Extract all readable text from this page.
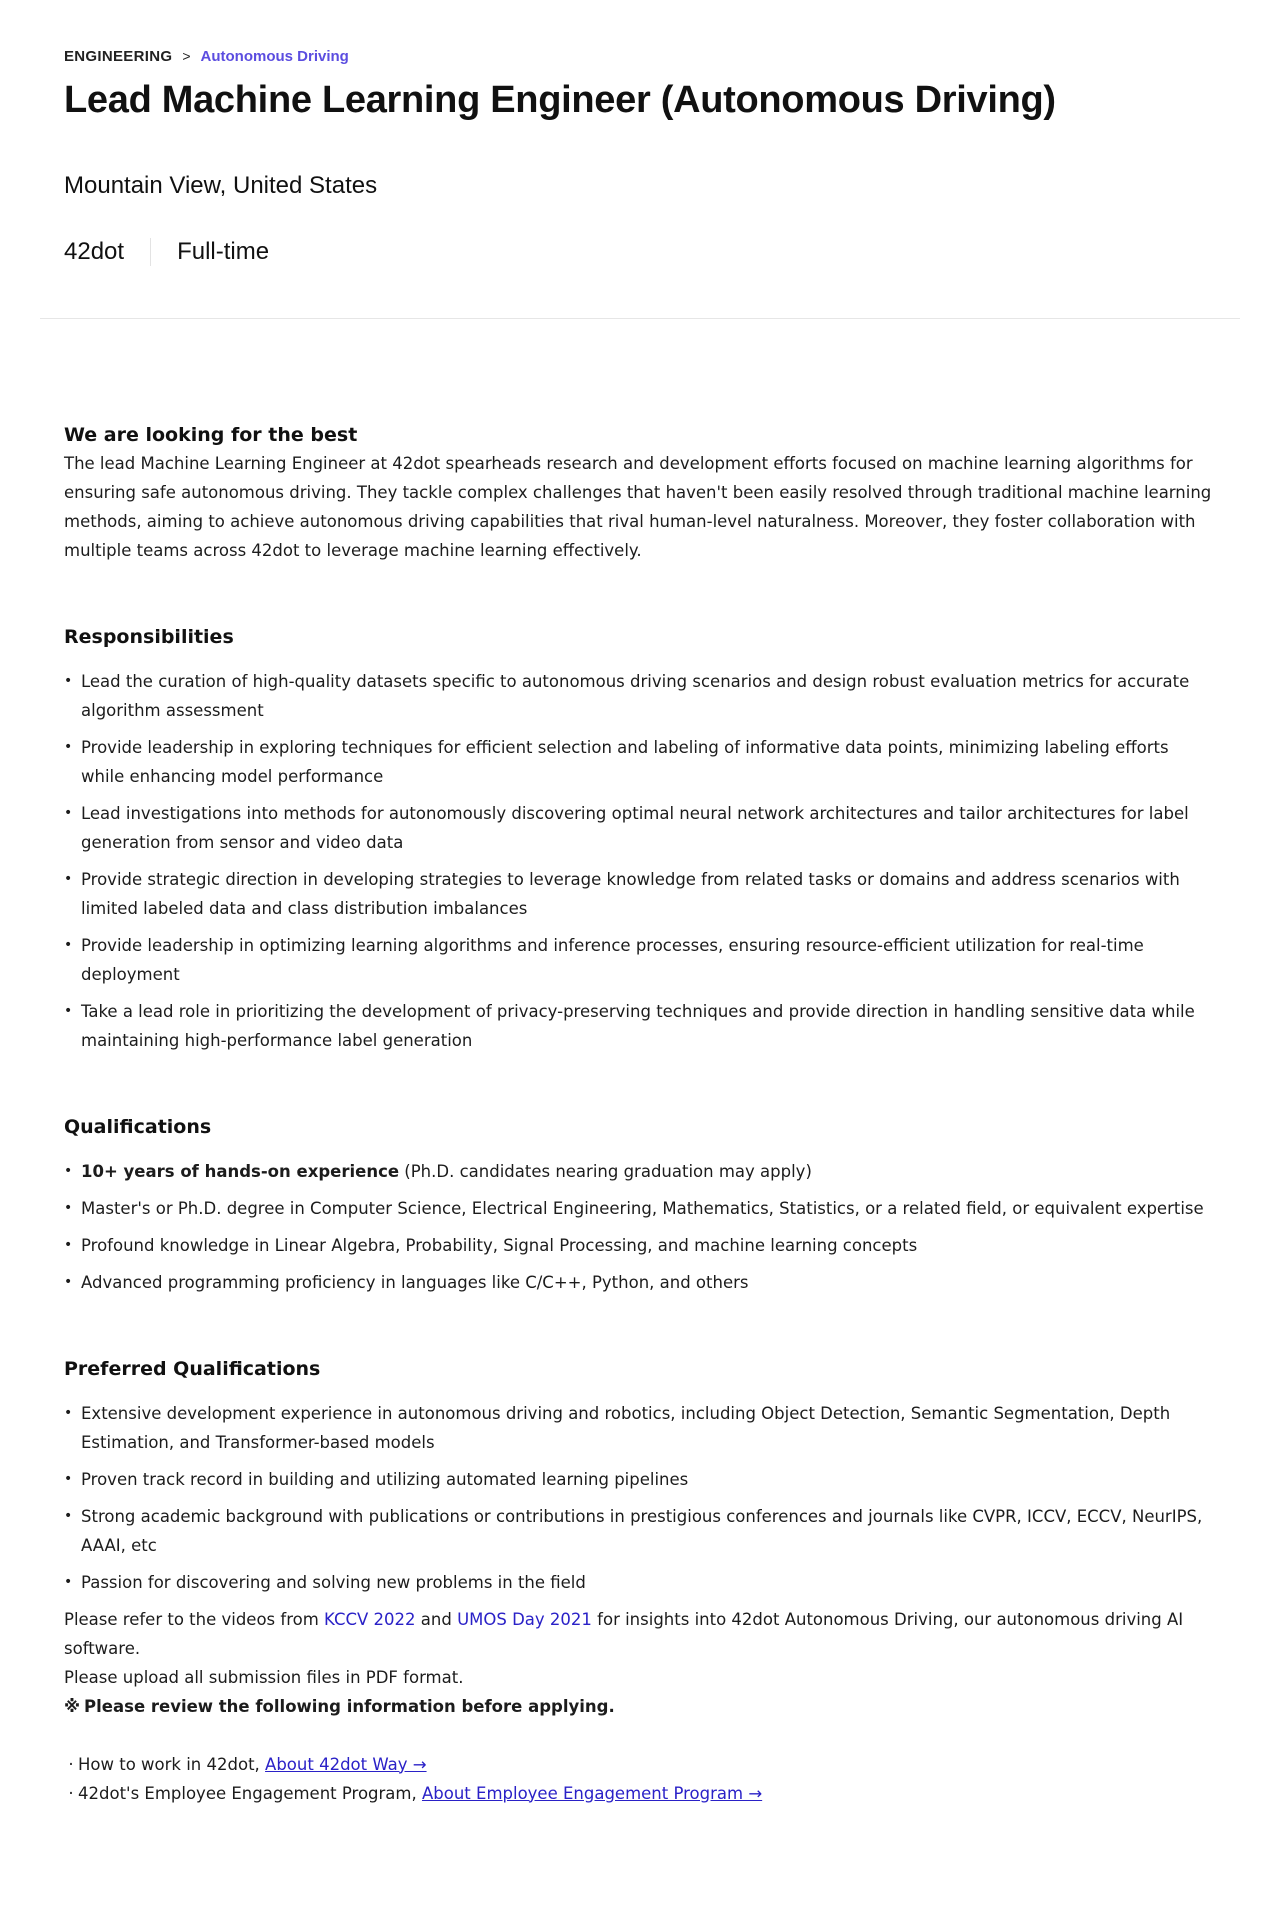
ENGINEERING > Autonomous Driving
Lead Machine Learning Engineer (Autonomous Driving)
Mountain View, United States
42dot Full-time
We are looking for the best

The lead Machine Learning Engineer at 42dot spearheads research and development efforts focused on machine learning algorithms for ensuring safe autonomous driving. They tackle complex challenges that haven't been easily resolved through traditional machine learning methods, aiming to achieve autonomous driving capabilities that rival human-level naturalness. Moreover, they foster collaboration with multiple teams across 42dot to leverage machine learning effectively.

Responsibilities
• Lead the curation of high-quality datasets specific to autonomous driving scenarios and design robust evaluation metrics for accurate algorithm assessment
• Provide leadership in exploring techniques for efficient selection and labeling of informative data points, minimizing labeling efforts while enhancing model performance
• Lead investigations into methods for autonomously discovering optimal neural network architectures and tailor architectures for label generation from sensor and video data
• Provide strategic direction in developing strategies to leverage knowledge from related tasks or domains and address scenarios with limited labeled data and class distribution imbalances
• Provide leadership in optimizing learning algorithms and inference processes, ensuring resource-efficient utilization for real-time deployment
• Take a lead role in prioritizing the development of privacy-preserving techniques and provide direction in handling sensitive data while maintaining high-performance label generation
Qualifications
• 10+ years of hands-on experience (Ph.D. candidates nearing graduation may apply)
• Master's or Ph.D. degree in Computer Science, Electrical Engineering, Mathematics, Statistics, or a related field, or equivalent expertise
• Profound knowledge in Linear Algebra, Probability, Signal Processing, and machine learning concepts
• Advanced programming proficiency in languages like C/C++, Python, and others
Preferred Qualifications
• Extensive development experience in autonomous driving and robotics, including Object Detection, Semantic Segmentation, Depth Estimation, and Transformer-based models
• Proven track record in building and utilizing automated learning pipelines
• Strong academic background with publications or contributions in prestigious conferences and journals like CVPR, ICCV, ECCV, NeurIPS, AAAI, etc
• Passion for discovering and solving new problems in the field

Please refer to the videos from KCCV 2022 and UMOS Day 2021 for insights into 42dot Autonomous Driving, our autonomous driving AI software.

Please upload all submission files in PDF format.

※ Please review the following information before applying.

· How to work in 42dot,
About 42dot Way →
· 42dot's Employee Engagement Program,
About Employee Engagement Program →
